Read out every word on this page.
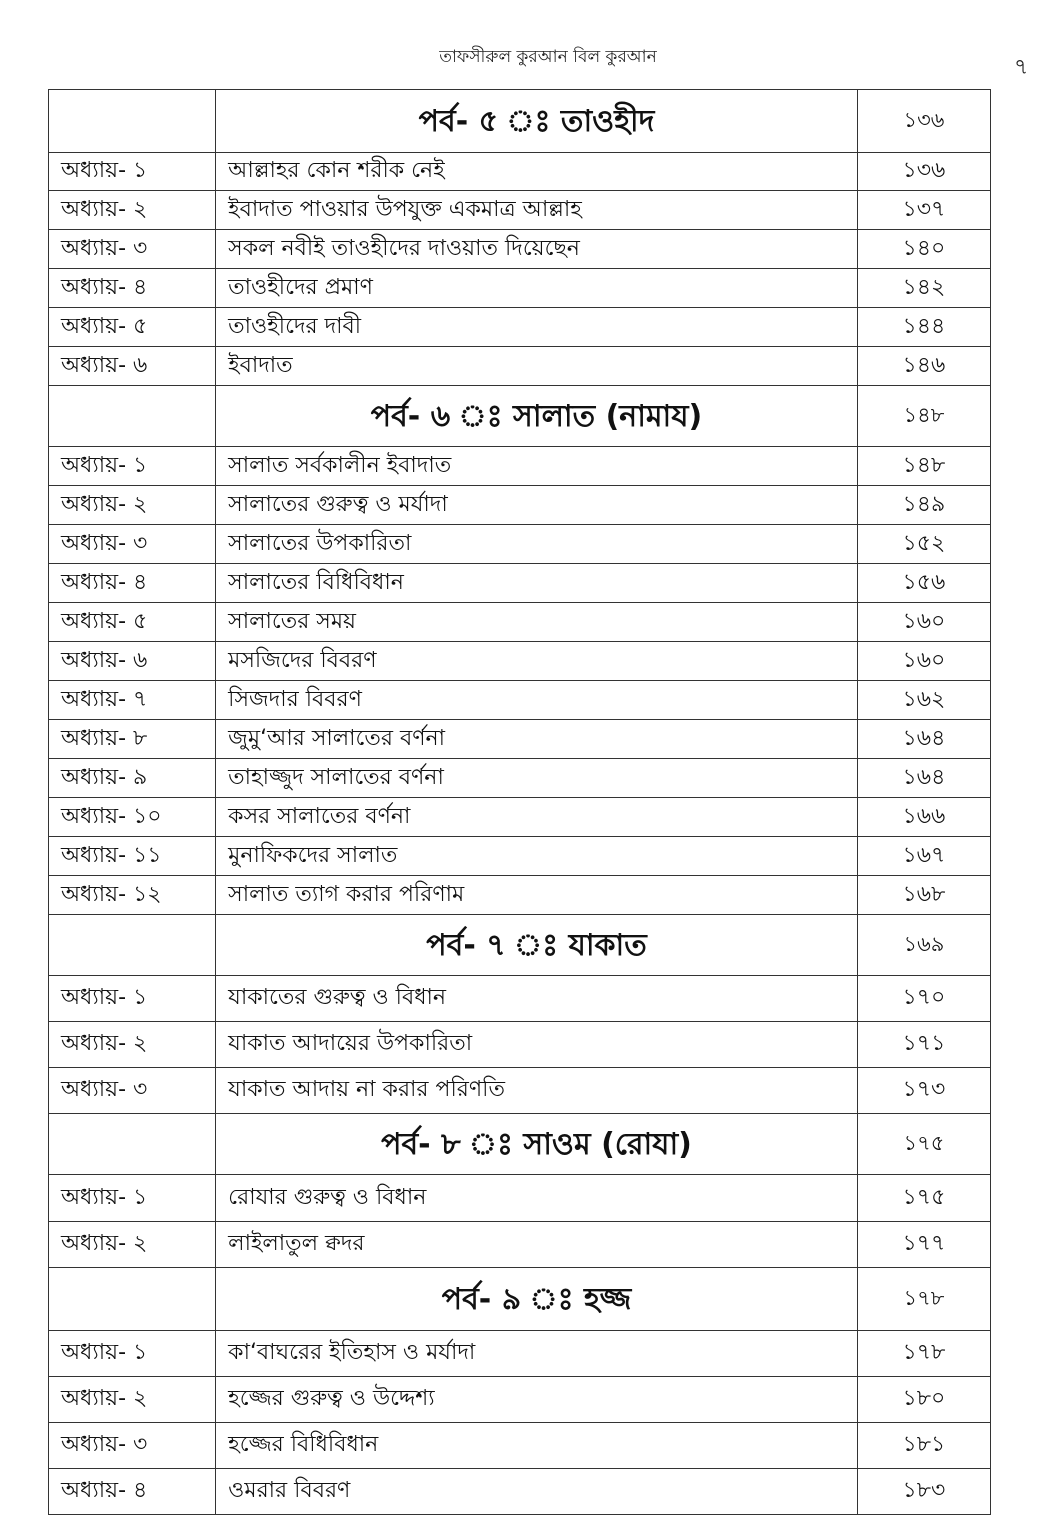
তাফসীরুল কুরআন বিল কুরআন	৭
	পর্ব- ৫ ঃ তাওহীদ	১৩৬
অধ্যায়- ১	আল্লাহর কোন শরীক নেই	১৩৬
অধ্যায়- ২	ইবাদাত পাওয়ার উপযুক্ত একমাত্র আল্লাহ	১৩৭
অধ্যায়- ৩	সকল নবীই তাওহীদের দাওয়াত দিয়েছেন	১৪০
অধ্যায়- ৪	তাওহীদের প্রমাণ	১৪২
অধ্যায়- ৫	তাওহীদের দাবী	১৪৪
অধ্যায়- ৬	ইবাদাত	১৪৬
	পর্ব- ৬ ঃ সালাত (নামায)	১৪৮
অধ্যায়- ১	সালাত সর্বকালীন ইবাদাত	১৪৮
অধ্যায়- ২	সালাতের গুরুত্ব ও মর্যাদা	১৪৯
অধ্যায়- ৩	সালাতের উপকারিতা	১৫২
অধ্যায়- ৪	সালাতের বিধিবিধান	১৫৬
অধ্যায়- ৫	সালাতের সময়	১৬০
অধ্যায়- ৬	মসজিদের বিবরণ	১৬০
অধ্যায়- ৭	সিজদার বিবরণ	১৬২
অধ্যায়- ৮	জুমু‘আর সালাতের বর্ণনা	১৬৪
অধ্যায়- ৯	তাহাজ্জুদ সালাতের বর্ণনা	১৬৪
অধ্যায়- ১০	কসর সালাতের বর্ণনা	১৬৬
অধ্যায়- ১১	মুনাফিকদের সালাত	১৬৭
অধ্যায়- ১২	সালাত ত্যাগ করার পরিণাম	১৬৮
	পর্ব- ৭ ঃ যাকাত	১৬৯
অধ্যায়- ১	যাকাতের গুরুত্ব ও বিধান	১৭০
অধ্যায়- ২	যাকাত আদায়ের উপকারিতা	১৭১
অধ্যায়- ৩	যাকাত আদায় না করার পরিণতি	১৭৩
	পর্ব- ৮ ঃ সাওম (রোযা)	১৭৫
অধ্যায়- ১	রোযার গুরুত্ব ও বিধান	১৭৫
অধ্যায়- ২	লাইলাতুল ক্বদর	১৭৭
	পর্ব- ৯ ঃ হজ্জ	১৭৮
অধ্যায়- ১	কা‘বাঘরের ইতিহাস ও মর্যাদা	১৭৮
অধ্যায়- ২	হজ্জের গুরুত্ব ও উদ্দেশ্য	১৮০
অধ্যায়- ৩	হজ্জের বিধিবিধান	১৮১
অধ্যায়- ৪	ওমরার বিবরণ	১৮৩
